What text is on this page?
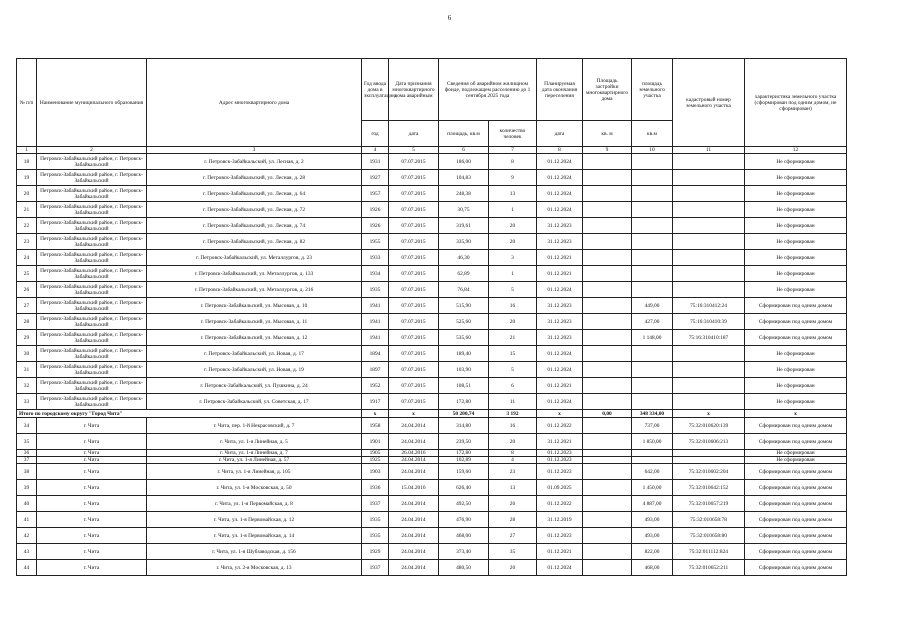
6
№ п/п	Наименование муниципального образования	Адрес многоквартирного дома	Год ввода дома в эксплуатацию	Дата признания многоквартирного дома аварийным	Сведения об аварийном жилищном фонде, подлежащем расселению до 1 сентября 2025 года		Планируемая дата окончания переселения	Площадь застройки многоквартирного дома	площадь земельного участка	кадастровый номер земельного участка	характеристика земельного участка (сформирован под одним домом, не сформирован)
			год	дата	площадь, кв.м	количество человек	дата	кв. м	кв.м		
1	2	3	4	5	6	7	8	9	10	11	12
18	Петровск-Забайкальский район, г. Петровск-Забайкальский	г. Петровск-Забайкальский, ул. Лесная, д. 2	1931	07.07.2015	186,00	8	01.12.2024				Не сформирован
19	Петровск-Забайкальский район, г. Петровск-Забайкальский	г. Петровск-Забайкальский, ул. Лесная, д. 28	1927	07.07.2015	104,83	9	01.12.2024				Не сформирован
20	Петровск-Забайкальский район, г. Петровск-Забайкальский	г. Петровск-Забайкальский, ул. Лесная, д. 64	1957	07.07.2015	248,38	13	01.12.2024				Не сформирован
21	Петровск-Забайкальский район, г. Петровск-Забайкальский	г. Петровск-Забайкальский, ул. Лесная, д. 72	1926	07.07.2015	30,75	1	01.12.2024				Не сформирован
22	Петровск-Забайкальский район, г. Петровск-Забайкальский	г. Петровск-Забайкальский, ул. Лесная, д. 74	1926	07.07.2015	319,61	20	31.12.2023				Не сформирован
23	Петровск-Забайкальский район, г. Петровск-Забайкальский	г. Петровск-Забайкальский, ул. Лесная, д. 82	1955	07.07.2015	335,90	20	31.12.2023				Не сформирован
24	Петровск-Забайкальский район, г. Петровск-Забайкальский	г. Петровск-Забайкальский, ул. Металлургов, д. 23	1933	07.07.2015	46,30	3	01.12.2021				Не сформирован
25	Петровск-Забайкальский район, г. Петровск-Забайкальский	г. Петровск-Забайкальский, ул. Металлургов, д. 133	1934	07.07.2015	62,89	1	01.12.2021				Не сформирован
26	Петровск-Забайкальский район, г. Петровск-Забайкальский	г. Петровск-Забайкальский, ул. Металлургов, д. 216	1935	07.07.2015	76,84	5	01.12.2024				Не сформирован
27	Петровск-Забайкальский район, г. Петровск-Забайкальский	г. Петровск-Забайкальский, ул. Мысовая, д. 10	1941	07.07.2015	515,90	16	31.12.2023		449,00	75:16:310412:24	Сформирован под одним домом
28	Петровск-Забайкальский район, г. Петровск-Забайкальский	г. Петровск-Забайкальский, ул. Мысовая, д. 11	1941	07.07.2015	525,60	20	31.12.2023		427,00	75:16:310410:39	Сформирован под одним домом
29	Петровск-Забайкальский район, г. Петровск-Забайкальский	г. Петровск-Забайкальский, ул. Мысовая, д. 12	1941	07.07.2015	535,60	21	31.12.2023		1 148,00	75:16:310410:187	Сформирован под одним домом
30	Петровск-Забайкальский район, г. Петровск-Забайкальский	г. Петровск-Забайкальский, ул. Новая, д. 17	1894	07.07.2015	189,40	15	01.12.2024				Не сформирован
31	Петровск-Забайкальский район, г. Петровск-Забайкальский	г. Петровск-Забайкальский, ул. Новая, д. 19	1897	07.07.2015	103,90	5	01.12.2024				Не сформирован
32	Петровск-Забайкальский район, г. Петровск-Забайкальский	г. Петровск-Забайкальский, ул. Пушкина, д. 24	1952	07.07.2015	108,51	6	01.12.2021				Не сформирован
33	Петровск-Забайкальский район, г. Петровск-Забайкальский	г. Петровск-Забайкальский, ул. Советская, д. 17	1917	07.07.2015	172,80	11	01.12.2024				Не сформирован
Итого по городскому округу "Город Чита"			x	x	50 200,74	3 192	x	0,00	348 334,00	x	x
34	г. Чита	г. Чита, пер. 1-й Некрасовский, д. 7	1958	24.04.2014	314,80	16	01.12.2022		737,00	75:32:010620:139	Сформирован под одним домом
35	г. Чита	г. Чита, ул. 1-я Линейная, д. 5	1901	24.04.2014	239,50	20	31.12.2021		1 850,00	75:32:010606:213	Сформирован под одним домом
36	г. Чита	г. Чита, ул. 1-я Линейная, д. 7	1905	26.04.2016	172,80	8	01.12.2023				Не сформирован
37	г. Чита	г. Чита, ул. 1-я Линейная, д. 57	1925	24.04.2014	102,89	4	01.12.2023				Не сформирован
38	г. Чита	г. Чита, ул. 1-я Линейная, д. 105	1903	24.04.2014	159,60	23	01.12.2023		642,00	75:32:010602:204	Сформирован под одним домом
39	г. Чита	г. Чита, ул. 1-я Московская, д. 50	1936	15.04.2016	626,40	13	01.09.2025		1 450,00	75:32:010642:152	Сформирован под одним домом
40	г. Чита	г. Чита, ул. 1-я Первомайская, д. 8	1937	24.04.2014	492,50	26	01.12.2022		4 887,00	75:32:010657:219	Сформирован под одним домом
41	г. Чита	г. Чита, ул. 1-я Первомайская, д. 12	1935	24.04.2014	476,90	28	31.12.2019		493,00	75:32:010658:78	Сформирован под одним домом
42	г. Чита	г. Чита, ул. 1-я Первомайская, д. 14	1935	24.04.2014	468,00	27	01.12.2023		493,00	75:32:010658:80	Сформирован под одним домом
43	г. Чита	г. Чита, ул. 1-я Шубзаводская, д. 156	1929	24.04.2014	373,40	35	01.12.2021		822,00	75:32:011112:824	Сформирован под одним домом
44	г. Чита	г. Чита, ул. 2-я Московская, д. 13	1937	24.04.2014	480,50	20	01.12.2024		468,00	75:32:010652:211	Сформирован под одним домом
